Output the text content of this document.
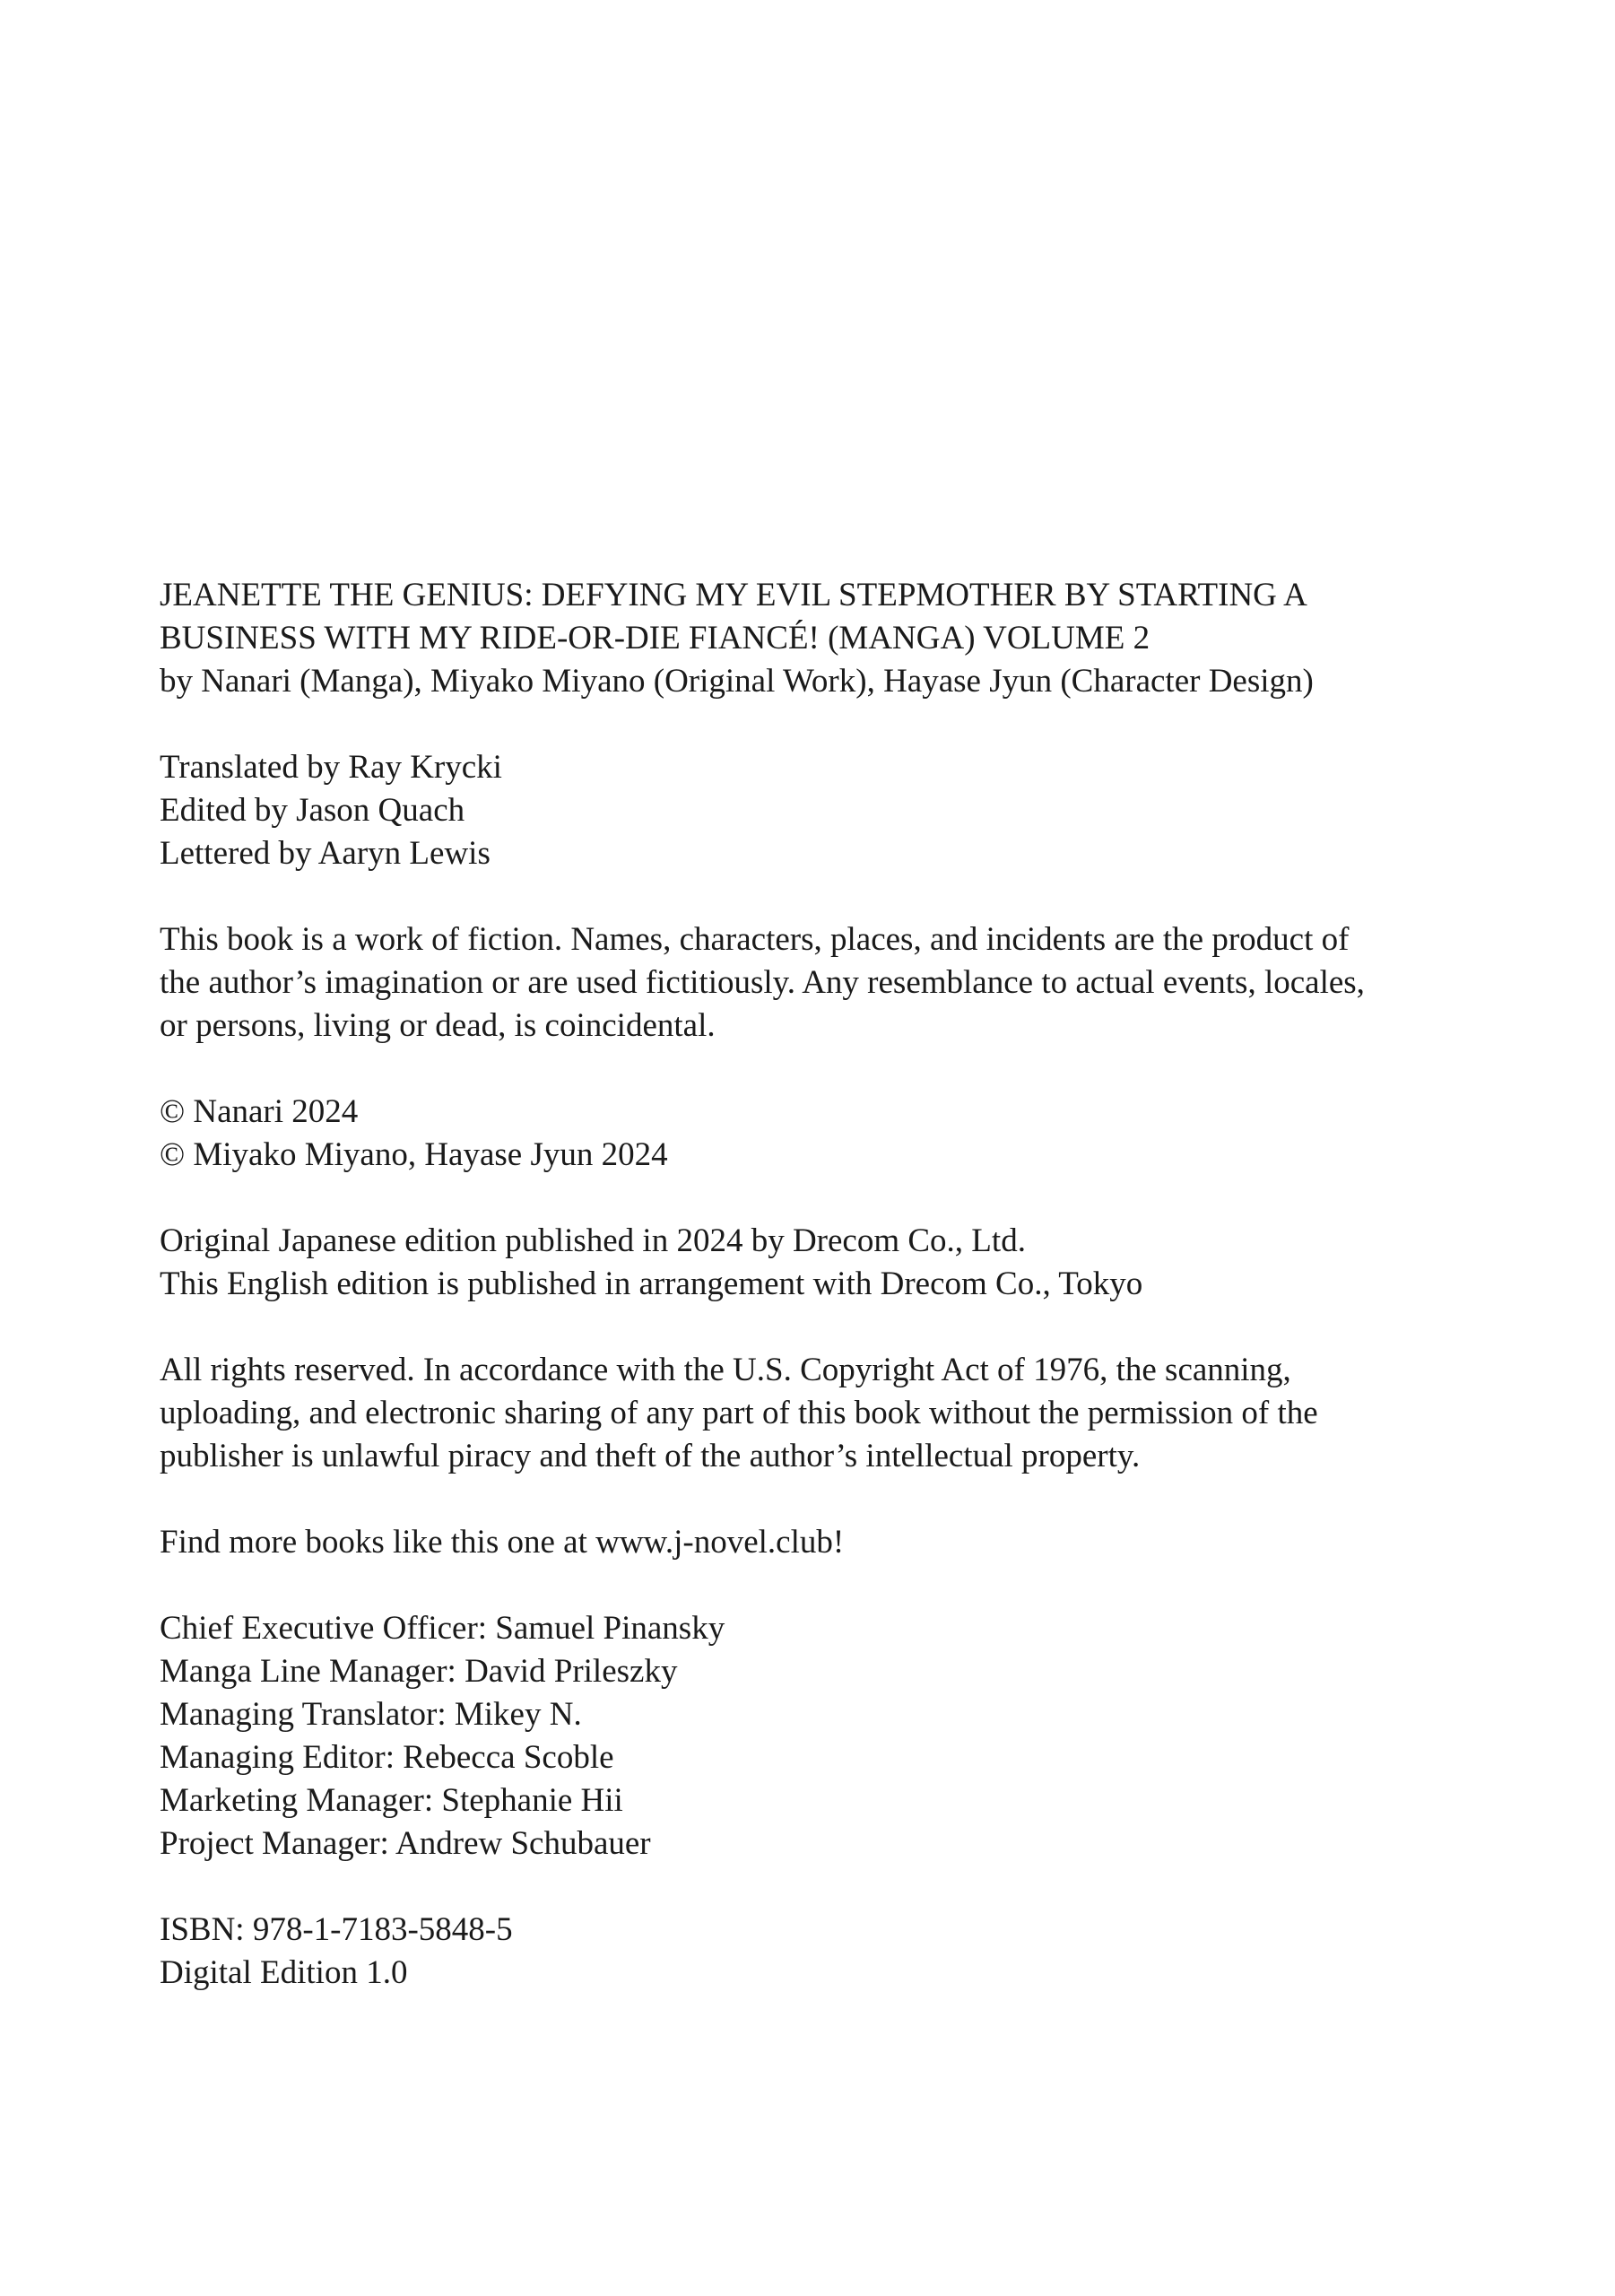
JEANETTE THE GENIUS: DEFYING MY EVIL STEPMOTHER BY STARTING A
BUSINESS WITH MY RIDE-OR-DIE FIANCÉ! (MANGA) VOLUME 2
by Nanari (Manga), Miyako Miyano (Original Work), Hayase Jyun (Character Design)
Translated by Ray Krycki
Edited by Jason Quach
Lettered by Aaryn Lewis
This book is a work of fiction. Names, characters, places, and incidents are the product of
the author’s imagination or are used fictitiously. Any resemblance to actual events, locales,
or persons, living or dead, is coincidental.
© Nanari 2024
© Miyako Miyano, Hayase Jyun 2024
Original Japanese edition published in 2024 by Drecom Co., Ltd.
This English edition is published in arrangement with Drecom Co., Tokyo
All rights reserved. In accordance with the U.S. Copyright Act of 1976, the scanning,
uploading, and electronic sharing of any part of this book without the permission of the
publisher is unlawful piracy and theft of the author’s intellectual property.
Find more books like this one at www.j-novel.club!
Chief Executive Officer: Samuel Pinansky
Manga Line Manager: David Prileszky
Managing Translator: Mikey N.
Managing Editor: Rebecca Scoble
Marketing Manager: Stephanie Hii
Project Manager: Andrew Schubauer
ISBN: 978-1-7183-5848-5
Digital Edition 1.0
